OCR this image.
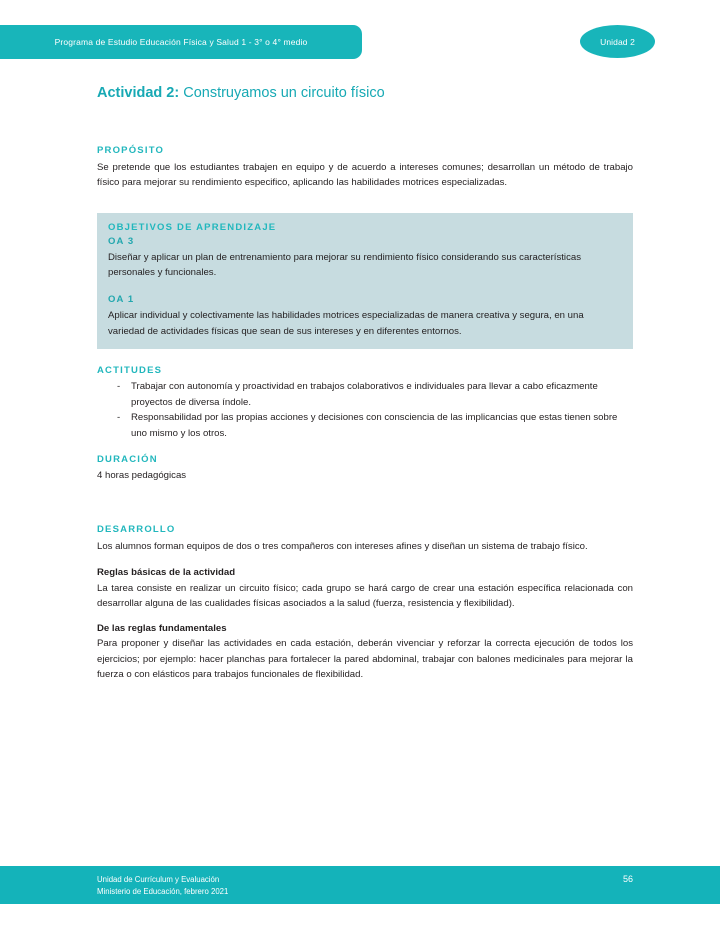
Programa de Estudio Educación Física y Salud 1 - 3° o 4° medio	Unidad 2
Actividad 2: Construyamos un circuito físico
PROPÓSITO
Se pretende que los estudiantes trabajen en equipo y de acuerdo a intereses comunes; desarrollan un método de trabajo físico para mejorar su rendimiento especifico, aplicando las habilidades motrices especializadas.
OBJETIVOS DE APRENDIZAJE
OA 3
Diseñar y aplicar un plan de entrenamiento para mejorar su rendimiento físico considerando sus características personales y funcionales.
OA 1
Aplicar individual y colectivamente las habilidades motrices especializadas de manera creativa y segura, en una variedad de actividades físicas que sean de sus intereses y en diferentes entornos.
ACTITUDES
- Trabajar con autonomía y proactividad en trabajos colaborativos e individuales para llevar a cabo eficazmente proyectos de diversa índole.
- Responsabilidad por las propias acciones y decisiones con consciencia de las implicancias que estas tienen sobre uno mismo y los otros.
DURACIÓN
4 horas pedagógicas
DESARROLLO
Los alumnos forman equipos de dos o tres compañeros con intereses afines y diseñan un sistema de trabajo físico.
Reglas básicas de la actividad
La tarea consiste en realizar un circuito físico; cada grupo se hará cargo de crear una estación específica relacionada con desarrollar alguna de las cualidades físicas asociados a la salud (fuerza, resistencia y flexibilidad).
De las reglas fundamentales
Para proponer y diseñar las actividades en cada estación, deberán vivenciar y reforzar la correcta ejecución de todos los ejercicios; por ejemplo: hacer planchas para fortalecer la pared abdominal, trabajar con balones medicinales para mejorar la fuerza o con elásticos para trabajos funcionales de flexibilidad.
Unidad de Currículum y Evaluación
Ministerio de Educación, febrero 2021
56
